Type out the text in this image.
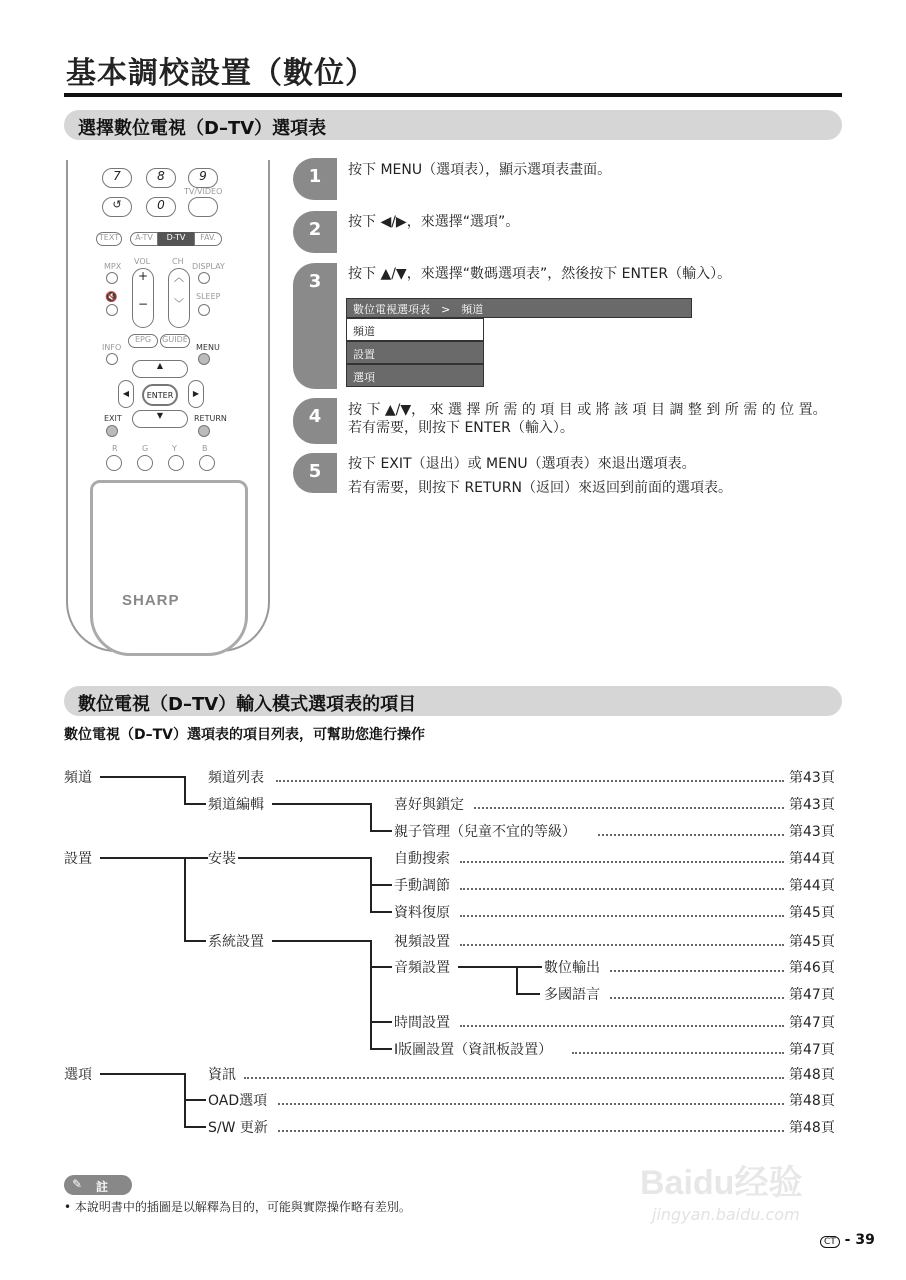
基本調校設置（數位）
選擇數位電視（D–TV）選項表
7	8	9
TV/VIDEO
↺	0
TEXT	A-TV	D-TV	FAV.
MPX
VOL	CH
DISPLAY
+

−
︿

﹀
🔇	SLEEP
INFO
EPG	GUIDE
MENU
▲
▼
◀	▶
ENTER
EXIT	RETURN
R	G	Y	B
SHARP
1	按下 MENU（選項表），顯示選項表畫面。
2	按下 ◀/▶，來選擇“選項”。
3	按下 ▲/▼，來選擇“數碼選項表”，然後按下 ENTER（輸入）。
數位電視選項表　>　頻道
頻道
設置
選項
4	按 下 ▲/▼， 來 選 擇 所 需 的 項 目 或 將 該 項 目 調 整 到 所 需 的 位 置。
若有需要，則按下 ENTER（輸入）。
5	按下 EXIT（退出）或 MENU（選項表）來退出選項表。
若有需要，則按下 RETURN（返回）來返回到前面的選項表。
數位電視（D–TV）輸入模式選項表的項目
數位電視（D–TV）選項表的項目列表，可幫助您進行操作
頻道
設置
選項
頻道列表	第43頁
頻道編輯	喜好與鎖定	第43頁
親子管理（兒童不宜的等級）	第43頁
安裝	自動搜索	第44頁
手動調節	第44頁
資料復原	第45頁
系統設置	視頻設置	第45頁
音頻設置	數位輸出	第46頁
多國語言	第47頁
時間設置	第47頁
I版圖設置（資訊板設置）	第47頁
資訊	第48頁
OAD選項	第48頁
S/W 更新	第48頁
Baidu经验
jingyan.baidu.com
✎ 註
• 本說明書中的插圖是以解釋為目的，可能與實際操作略有差別。
CT - 39
